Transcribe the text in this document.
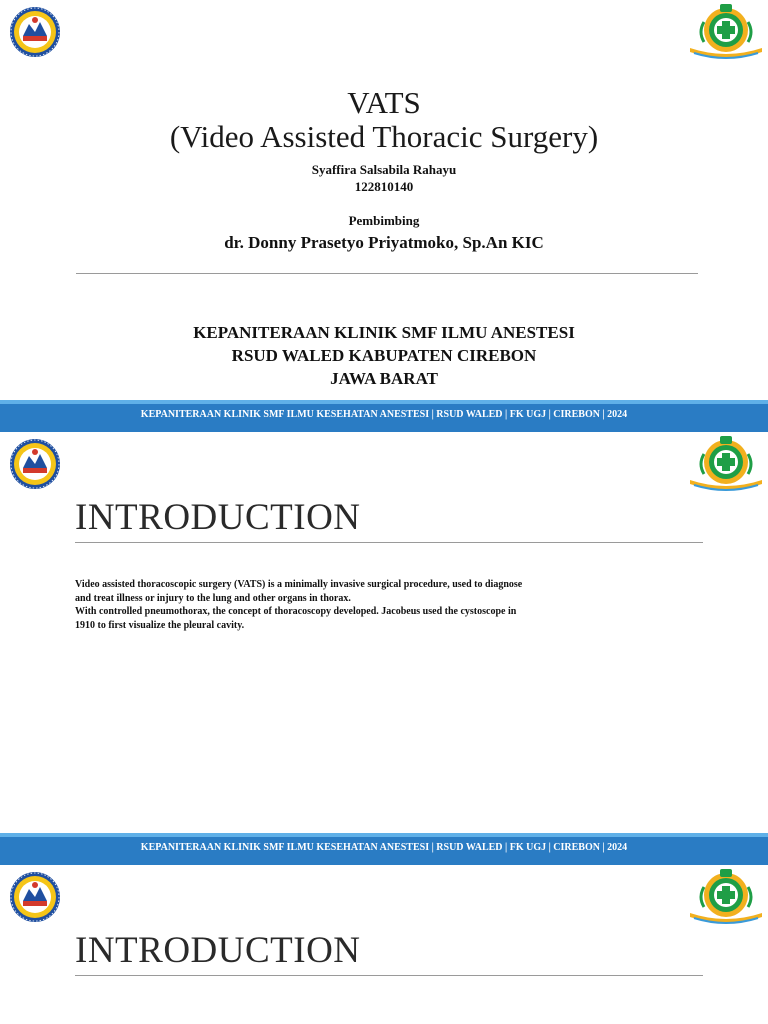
VATS
(Video Assisted Thoracic Surgery)
Syaffira Salsabila Rahayu
122810140
Pembimbing
dr. Donny Prasetyo Priyatmoko, Sp.An KIC
KEPANITERAAN KLINIK SMF ILMU ANESTESI
RSUD WALED KABUPATEN CIREBON
JAWA BARAT
KEPANITERAAN KLINIK SMF ILMU KESEHATAN ANESTESI | RSUD WALED | FK UGJ | CIREBON | 2024
INTRODUCTION
Video assisted thoracoscopic surgery (VATS) is a minimally invasive surgical procedure, used to diagnose
and treat illness or injury to the lung and other organs in thorax.
With controlled pneumothorax, the concept of thoracoscopy developed. Jacobeus used the cystoscope in
1910 to first visualize the pleural cavity.
KEPANITERAAN KLINIK SMF ILMU KESEHATAN ANESTESI | RSUD WALED | FK UGJ | CIREBON | 2024
INTRODUCTION
